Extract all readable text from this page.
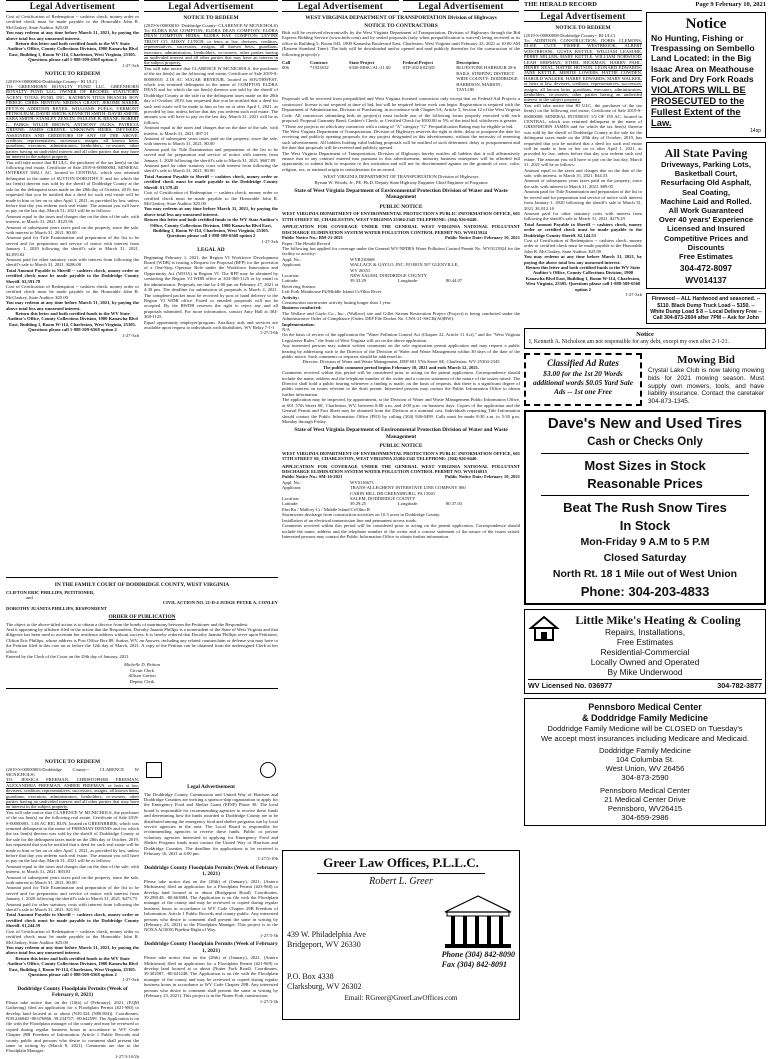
Legal Advertisement
Cost of Certification of Redemption -- cashiers check, money order or certified check must be made payable to the Honorable John R. McClaskey, State Auditor. $25.00
You may redeem at any time before March 31, 2021, by paying the above total less any unearned interest.
Return this letter and both certified funds to the WV State Auditor's Office, County Collections Division, 1900 Kanawha Blvd East, Building 1, Room W-114, Charleston, West Virginia, 25305. Questions please call 1-888-509-6568 option 2
1-27-3xb
NOTICE TO REDEEM
(2019-S-00000004-Doddridge County-- RI ULC)
TO: GREENHORN ROYALTY FUND LLC, GREENHORN ROYALTY FUND LLC, OWNER OF RECORD; STATUTORY AGENT; TOTAL FUND, INC.; KATHRYN TITUS BRANCH; ROY PIERCE; CHRIS HENTON; MEDINA GRANT; JEROME BAKER; PEYTON ADDITION REYES; WILLIAMS FUELS; VERMONT PETROLEUM; DAVID SMITH; KENNETH SMITH; DAVID SMITH; SARA SMITH; STANLEY ZENCIN; PAULINE B. BEANE; ROBERT L. PARKS; WILLIE BROWN; ANTHONY JACKS; PATRICIA GREENE; JAMES GREENE; UNKNOWN HEIRS, DEVISEES, ASSIGNEES AND CREDITORS OF ANY OF THE ABOVE, creditors, representatives, successors, assigns, all known heirs, guardians, executors, administrators, lienholders, co-owners, other parties having an undivided interest and all other parties that may have an interest in the subject property.
You will take notice that RI ULC, the purchaser of the tax lien(s) on the following real estate, Certificate of Sale 2019-S-00000004, MINERAL INTEREST 1682.1 AC, located in CENTRAL, which was returned delinquent in the name of SUTTON DOROTHY F. and for which the tax lien(s) thereon was sold by the sheriff of Doddridge County at the sale for the delinquent taxes made on the 28th day of October, 2019, has requested that you be notified that a deed for such real estate will be made to him or her on or after April 1, 2021, as provided by law, unless before that day you redeem such real estate. The amount you will have to pay on the last day, March 31, 2021 will be as follows:
Amount equal to the taxes and charges due on the date of the sale, with interest, to March 31, 2021. $125.96
Amount of subsequent years taxes paid on the property, since the sale, with interest to March 31, 2021. $0.00
Amount paid for Title Examination and preparation of the list to be served and for preparation and service of notice with interest from January 1, 2020 following the sheriff's sale to March 31, 2021. $2,059.82
Amount paid for other statutory costs with interest from following the sheriff's sale to March 31, 2021. $206.00
Total Amount Payable to Sheriff -- cashiers check, money order or certified check must be made payable to the Doddridge County Sheriff. $2,391.78
Cost of Certification of Redemption -- cashiers check, money order or certified check must be made payable to the Honorable John R. McClaskey, State Auditor. $25.00
You may redeem at any time before March 31, 2021, by paying the above total less any unearned interest.
Return this letter and both certified funds to the WV State Auditor's Office, County Collections Division, 1900 Kanawha Blvd East, Building 1, Room W-114, Charleston, West Virginia, 25305. Questions please call 1-888-509-6568 option 2
1-27-3xb
IN THE FAMILY COURT OF DODDRIDGE COUNTY, WEST VIRGINIA
CLIFTON ERIC PHILLIPS, PETITIONER,
and
CIVIL ACTION NO. 21-D-4 JUDGE PETER A. CONLEY
DOROTHY JUANITA PHILLIPS, RESPONDENT
ORDER OF PUBLICATION
The object to the above-titled action is to obtain a divorce from the bonds of matrimony between the Petitioner and the Respondent.
And it appearing by affidavit filed in the action that the Respondent, Dorothy Juanita Phillips is a nonresident of the State of West Virginia and that diligence has been used to ascertain her residence address without success. It is hereby ordered that Dorothy Juanita Phillips serve upon Petitioner, Clifton Eric Phillips, whose address is Post Office Box 88, Sutton, WV, an Answer, including any related counterclaim or defense you may have to the Petition filed in this case on or before the 12th day of March, 2021. A copy of the Petition can be obtained from the undersigned Clerk at her office.
Entered by the Clerk of the Court on the 29th day of January, 2021.
Michelle D. Britton
Circuit Clerk
Allison Garton
Deputy Clerk
NOTICE TO REDEEM
(2019-S-00000003-Doddridge County-- CLARENCE W MCNICHOLS)
TO: JESSICA FREEMAN, CHRISTOPHER FREEMAN, ALEXANDRIA FREEMAN, AMBER FREEMAN, or heirs at law, devisees, creditors, representatives, successors, assigns, all known heirs, guardians, executors, administrators, lienholders, co-owners, other parties having an undivided interest and all other parties that may have an interest in the subject property.
You will take notice that CLARENCE W MCNICHOLS, the purchaser of the tax lien(s) on the following real estate, Certificate of Sale 2019-S-00000003, 1.46 AC BIG RUN, located in GREENBRIER, which was returned delinquent in the name of FREEMAN DENNIS and for which the tax lien(s) thereon was sold by the sheriff of Doddridge County at the sale for the delinquent taxes made on the 28th day of October, 2019, has requested that you be notified that a deed for such real estate will be made to him or her on or after April 1, 2021, as provided by law, unless before that day you redeem such real estate. The amount you will have to pay on the last day, March 31, 2021 will be as follows:
Amount equal to the taxes and charges due on the date of the sale, with interest, to March 31, 2021. $83.81
Amount of subsequent years taxes paid on the property, since the sale, with interest to March 31, 2021. $0.00
Amount paid for Title Examination and preparation of the list to be served and for preparation and service of notice with interest from January 1, 2020 following the sheriff's sale to March 31, 2021. $473.75
Amount paid for other statutory costs with interest from following the sheriff's sale to March 31, 2021. $21.83
Total Amount Payable to Sheriff -- cashiers check, money order or certified check must be made payable to the Doddridge County Sheriff. $1,244.59
Cost of Certification of Redemption -- cashiers check, money order or certified check must be made payable to the Honorable John R. McClaskey, State Auditor. $25.00
You may redeem at any time before March 31, 2021, by paying the above total less any unearned interest.
Return this letter and both certified funds to the WV State Auditor's Office, County Collections Division, 1900 Kanawha Blvd East, Building 1, Room W-114, Charleston, West Virginia, 25305. Questions please call 1-888-509-6568 option 2
1-27-3xb
Doddridge County Floodplain Permits (Week of February 8, 2021)
Please take notice that on the (10th) of (February), 2021, (EQM Gathering) filed an application for a Floodplain Permit (#21-980) to develop land located at or about (N39.324 (N80.804)). Coordinates, N39.246840 -80.676866, 39.234757, -80.642599. The Application is on file with the Floodplain manager of the county and may be reviewed or copied during regular business hours in accordance to WV Code Chapter 29B Freedom of Information. Article 1 Public Records and county public and persons who desire to comment shall present the same in writing by (March 8, 2021). Comments are due to the Floodplain Manager.
1-27/3-10/2b
Legal Advertisement
NOTICE TO REDEEM
(2019-S-00000010- Doddridge County- CLARENCE W MCNICHOLS)
To: ELDRA RAE COMPTON; ELDRA DEAN COMPTON; ELDRA DEAN COMPTON HEIRS; ELDRA RAE COMPTON; LEVINE TRUST CO. MISSY LUNCH, or heirs at law, devisees, creditors, representatives, successors, assigns, all known heirs, guardians, executors, administrators, lienholders, co-owners, other parties having an undivided interest and all other parties that may have an interest in the subject property.
You will take notice that CLARENCE W MCNICHOLS, the purchaser of the tax lien(s) on the following real estate, Certificate of Sale 2019-S-00000010, 2.18 AC SUGAR BENIOUR, located in SOUTHWEST, which was returned delinquent in the name of COMPTON ELDRA DEAN and for which the tax lien(s) thereon was sold by the sheriff of Doddridge County at the sale for the delinquent taxes made on the 28th day of October, 2019, has requested that you be notified that a deed for such real estate will be made to him or her on or after April 1, 2021, as provided by law, unless before that day you redeem such real estate. The amount you will have to pay on the last day, March 31, 2021 will be as follows:
Amount equal to the taxes and charges due on the date of the sale, with interest, to March 31, 2021. $97.51
Amount of subsequent years taxes paid on the property, since the sale, with interest to March 31, 2021. $0.00
Amount paid for Title Examination and preparation of the list to be served and for preparation and service of notice with interest from January 1, 2020 following the sheriff's sale to March 31, 2021. $607.89
Amount paid for other statutory costs with interest from following the sheriff's sale to March 31, 2021. $0.00
Total Amount Payable to Sheriff -- cashiers check, money order or certified check must be made payable to the Doddridge County Sheriff. $1,378.45
Cost of Certification of Redemption -- cashiers check, money order or certified check must be made payable to the Honorable John R. McClaskey, State Auditor. $25.00
You may redeem at any time before March 31, 2021, by paying the above total less any unearned interest.
Return this letter and both certified funds to the WV State Auditor's Office, County Collections Division, 1900 Kanawha Blvd East, Building 1, Room W-114, Charleston, West Virginia, 25305. Questions please call 1-888-509-6568 option 2
1-27-3xb
LEGAL AD
Beginning February 1, 2021, the Region VI Workforce Development Board (WDB) is issuing a Request for Proposal (RFP) for the provision of a One-Stop Operator Role under the Workforce Innovation and Opportunity Act (WIOA) in Region VI. The RFP may be obtained by contacting the Region VI WDB office at 304-368-1125 or by email to the administrator. Proposals are due by 4:00 pm on February 27, 2021 at 4:30 pm. The deadline for submission of proposals is March 4, 2021. The completed packet must be received by post or hand delivery to the Region VI WDB office. Faxed or emailed proposals will not be accepted. By the RWDB reserves the right to reject any and all proposals submitted. For more information, contact Amy Hall at 304-368-1125.
Equal opportunity employer/program. Auxiliary aids and services are available upon request to individuals with disabilities. WV Relay 7-1-1
1-27/3-6b
Legal Advertisement
The Doddridge County Commission and United Way of Harrison and Doddridge Counties are inviting a sponsor-ship organization to apply for the Emergency Food and Shelter Grant (EFSP) Phase 38. The local board is responsible for recommending agencies to receive these funds and determining how the funds awarded to Doddridge County are to be distributed among the emergency food and shelter programs run by local service agencies in the area. The Local Board is responsible for recommending agencies to receive these funds. Public or private voluntary agencies interested in applying for Emergency Food and Shelter Program funds must contact the United Way of Harrison and Doddridge Counties. The deadline for applications to be received is February 16, 2021 at 4:00 pm.
1-27/3-10b
Doddridge County Floodplain Permits (Week of February 1, 2021)
Please take notice that on the (28th) of (January), 2021, (Antero Midstream) filed an application for a Floodplain Permit (#21-968) to develop land located at or about (Bridgeport Road). Coordinates, 39.298148, -80.663884. The Application is on file with the Floodplain manager of the county and may be reviewed or copied during regular business hours in accordance to WV Code Chapter 29B Freedom of Information. Article 1 Public Records and county public. Any interested persons who desire to comment shall present the same in writing by (February 23, 2021) to the Floodplain Manager. This project is in the NOXA A(1000) Pipeline Right of Way.
1-27/3-3b
Doddridge County Floodplain Permits (Week of February 1, 2021)
Please take notice that on the (28th) of (January), 2021, (Antero Midstream) filed an application for a Floodplain Permit (#21-969) to develop land located at or about (Nutter Fork Road). Coordinates, 39.302587, -80.641248. The Application is on file with the Floodplain manager of the county and may be reviewed or copied during regular business hours in accordance to WV Code Chapter 29B. Any interested persons who desire to comment shall present the same in writing by (February 23, 2021). This project is in the Nutter Fork construction.
1-27/3-3b
Legal Advertisement	Legal Advertisement
WEST VIRGINIA DEPARTMENT OF TRANSPORTATION Division of Highways
NOTICE TO CONTRACTORS
Bids will be received electronically by the West Virginia Department of Transportation, Division of Highways through the Bid Express Bidding Service (www.bidx.com) and by sealed proposals (only when prequalification is waived) being received at its office in Building 5, Room 843, 1900 Kanawha Boulevard East, Charleston, West Virginia until February 23, 2021 at 10:00 AM (Eastern Standard Time). The bids will be downloaded and/or opened and read publicly thereafter for the construction of the following project(s):
Call	Contract	State Project	Federal Project	Description
006	*1923S32	S330-MISC/AL-21.00	STP-2021(025)D	BLUESTONE HARBOUR 28-6 RAILS, STRIPING DISTRICT WIDE COUNTY: DODDRIDGE HARRISON, MARION, TAYLOR
Proposals will be received from prequalified and West Virginia licensed contractors only except that on Federal-Aid Projects a contractors' license is not required at time of bid, but will be required before work can begin. Registration is required with the Department of Administration, Division of Purchasing, in accordance with Chapter 5A, Article 3, Section 12 of the West Virginia Code. All contractors submitting bids on project(s) must include one of the following forms properly executed with each proposal: Proposal Guaranty Bond, Cashier's Check, or Certified Check for $500.00 or 5% of the total bid, whichever is greater.
* These are projects on which any contractor with a rating of "A" category "G" Prequalification Rating may be eligible to bid.
The West Virginia Department of Transportation, Division of Highways reserves the right to defer, delay or postpone the date for receiving and publicly opening proposals for any project designated in this advertisement, without the necessity of renewing such advertisement. All bidders holding valid bidding proposals will be notified of such deferment, delay or postponement and the date that proposals will be received and publicly opened.
The West Virginia Department of Transportation, Division of Highways hereby notifies all bidders that it will affirmatively ensure that in any contract entered into pursuant to this advertisement, minority business enterprises will be afforded full opportunity to submit bids in response to this invitation and will not be discriminated against on the grounds of race, color, religion, sex, or national origin in consideration for an award.
WEST VIRGINIA DEPARTMENT OF TRANSPORTATION Division of Highways
Byrum W. Woods, Jr., PE, Ph.D. Deputy State Highway Engineer Chief Engineer of Programs
State of West Virginia Department of Environmental Protection Division of Water and Waste Management
PUBLIC NOTICE
WEST VIRGINIA DEPARTMENT OF ENVIRONMENTAL PROTECTION'S PUBLIC INFORMATION OFFICE, 601 57TH STREET SE, CHARLESTON, WEST VIRGINIA 25304-2345 TELEPHONE: (304) 926-0440.
APPLICATION FOR COVERAGE UNDER THE GENERAL WEST VIRGINIA NATIONAL POLLUTANT DISCHARGE ELIMINATION SYSTEM WATER POLLUTION CONTROL PERMIT NO. WV0115924
Public Notice No.: BM-21-2021	Public Notice Date: February 10, 2021
Paper: The Herald Record
The following has applied for coverage under the General WV/NPDES Water Pollution Control Permit No. WV0115924 for the facility or activity:
Appl. No.:	WVR310668
Applicant:	WALLACE & GAYLO, INC. PO BOX 507 GLENVILLE, WV 26351
Location:	NEW SALEM, DODDRIDGE COUNTY
Latitude:	39.33.29	Longitude:	80.44.07
Receiving Stream:
Left Fork Meathouse Fk/Middle Island Cr/Ohio River
Activity:
Construction stormwater activity lasting longer than 1 year.
Business conducted:
The Wallace and Gaylo Co., Inc., (Wallace) site and Gillet Stream Restoration Project (Project) is being conducted under the Administrative Order of Compliance (Order, DEP File Docket No. CWA-21-SSCI6(A0)BW).
Implementation:
N/A
On the basis of review of the application the "Water Pollution Control Act (Chapter 22, Article 11 Act)," and the "West Virginia Legislative Rules," the State of West Virginia will act on the above application.
Any interested persons may submit written comments on the sole registration permit application and may request a public hearing by addressing such to the Director of the Division of Water and Waste Management within 30 days of the date of the public notice. Such comments or requests should be addressed to:
Director, Division of Water and Waste Management, DEP 601 57th Street SE, Charleston, WV 25304-2345
The public comment period begins February 10, 2021 and ends March 12, 2021.
Comments received within this period will be considered prior to acting on the permit application. Correspondence should include the name, address and the telephone number of the writer and a concise statement of the nature of the issues raised. The Director shall hold a public hearing whenever a finding is made, on the basis of requests, that there is a significant degree of public interest on issues relevant to the draft permit. Interested persons may contact the Public Information Office to obtain further information.
The application may be inspected, by appointment, at the Division of Water and Waste Management Public Information Office, at 601 57th Street SE, Charleston, WV, between 8:00 a.m. and 4:00 p.m. on business days. Copies of the application and the General Permit and Fact Sheet may be obtained from the Division at a nominal cost. Individuals requesting Title Information should contact the Public Information Office (PIO) by calling (304) 926-0499. Calls must be made 8:30 a.m. to 5:30 p.m. Monday through Friday.
State of West Virginia Department of Environmental Protection Division of Water and Waste Management
PUBLIC NOTICE
WEST VIRGINIA DEPARTMENT OF ENVIRONMENTAL PROTECTION'S PUBLIC INFORMATION OFFICE, 601 57TH STREET SE, CHARLESTON, WEST VIRGINIA 25304-2345 TELEPHONE: (304) 926-0440.
APPLICATION FOR COVERAGE UNDER THE GENERAL WEST VIRGINIA NATIONAL POLLUTANT DISCHARGE ELIMINATION SYSTEM WATER POLLUTION CONTROL PERMIT NO. WV0116815
Public Notice No.: SM-16-2021	Public Notice Date: February 10, 2021
Appl. No.:	WV0116673
Applicant:	TRANS-ALLEGHENY INTERSTATE LINE COMPANY 800 CABIN HILL DR GREENSBURG, PA 15601
Location:	SALEM, DODDRIDGE COUNTY
Latitude:	39.29.25	Longitude:	80.37.03
Elm Ru / Mallory Cr / Middle Island Cr/Ohio R
Stormwater discharge from construction activities on 10.3 acres in Doddridge County.
Installation of an electrical transmission line and permanent access roads.
Comments received within this period will be considered prior to acting on the permit application. Correspondence should include the name, address and the telephone number of the writer and a concise statement of the nature of the issues raised. Interested persons may contact the Public Information Office to obtain further information.
Greer Law Offices, P.L.L.C.
Robert L. Greer
439 W. Philadelphia Ave
Bridgeport, WV 26330
Phone (304) 842-8090
Fax (304) 842-8091
P.O. Box 4338
Clarksburg, WV 26302
Email: RGreer@GreerLawOffices.com
THE HERALD RECORD	Page 9 February 10, 2021
Legal Advertisement
NOTICE TO REDEEM
(2019-S-00000008-Doddridge County-- RI ULC)
To: ADDITION CONSTRUCTION, DORIS CLEMONS, ELSIE CUTE FISHER WESTBROOK, ALBERT WESTBROOK, GUSTA KETTLE, WILLIAM LEASURE, PERRY MILLER, MARY KETTLE, WILLIAM NORWOOD, LEAH SHIPMAN, ETHEL HICKMAN, HARRY PAHL, HENRY NEAL, HATTIE HUTSON, LEONARD EDWARDS, JANE KETTLE, MERTIE LOWERS, HATTIE COWDEN, HAROLD WALKER, HARRY EDWARDS, MARY WALKER, or heirs at law, devisees, creditors, representatives, successors, assigns, all known heirs, guardians, executors, administrators, lienholders, co-owners, other parties having an undivided interest in the subject property.
You will take notice that RI ULC, the purchaser of the tax lien(s) on the following real estate, Certificate of Sale 2019-S-00000008, MINERAL INTEREST 1/2 OF 150 AC, located in CENTRAL, which was returned delinquent in the name of GREENHORN JAMES and for which the tax lien(s) thereon was sold by the sheriff of Doddridge County at the sale for the delinquent taxes made on the 28th day of October, 2019, has requested that you be notified that a deed for such real estate will be made to him or her on or after April 1, 2021, as provided by law, unless before that day you redeem such real estate. The amount you will have to pay on the last day, March 31, 2021 will be as follows:
Amount equal to the taxes and charges due on the date of the sale, with interest, to March 31, 2021. $44.33
Amount of subsequent years taxes paid on the property, since the sale, with interest to March 31, 2021. $89.05
Amount paid for Title Examination and preparation of the list to be served and for preparation and service of notice with interest from January 1, 2020 following the sheriff's sale to March 31, 2021. $1,812.16
Amount paid for other statutory costs with interest from following the sheriff's sale to March 31, 2021. $279.29
Total Amount Payable to Sheriff -- cashiers check, money order or certified check must be made payable to the Doddridge County Sheriff. $2,144.53
Cost of Certification of Redemption -- cashiers check, money order or certified check must be made payable to the Honorable John R. McClaskey, State Auditor. $25.00
You may redeem at any time before March 31, 2021, by paying the above total less any unearned interest.
Return this letter and both certified funds to the WV State Auditor's Office, County Collections Division, 1900 Kanawha Blvd East, Building 1, Room W-114, Charleston, West Virginia, 25305. Questions please call 1-888-509-6568 option 2
1-27-3xb
Notice

No Hunting, Fishing or

Trespassing on Sembello

Land Located: in the Big

Isaac Area on Meathouse

Fork and Dry Fork Roads

VIOLATORS WILL BE PROSECUTED to the Fullest Extent of the Law.

14sp
All State Paving

Driveways, Parking Lots,

Basketball Court,

Resurfacing Old Asphalt,

Seal Coating,

Machine Laid and Rolled.

All Work Guaranteed

Over 40 years' Experience

Licensed and Insured

Competitive Prices and

Discounts

Free Estimates

304-472-8097
WV014137
Firewood -- ALL Hardwood and seasoned. -- $110. Black Dump Truck Load -- $150. -- White Dump Load $ 8 -- Local Delivery Free -- Call 304-873-2604 after 7PM -- Ask for John
Notice
I, Kenneth A. Nicholson am not responsible for any debt, except my own after 2-1-21.
Classified Ad Rates

$3.00 for the 1st 20 Words additional words $0.05 Yard Sale Ads -- 1st one Free

Mowing Bid

Crystal Lake Club is now taking mowing bids for 2021 mowing season. Must supply own mowers, tools, and have liability insurance. Contact the caretaker 304-873-1345.

Dave's New and Used Tires
Cash or Checks Only
Most Sizes in Stock
Reasonable Prices
Beat The Rush Snow Tires
In Stock
Mon-Friday 9 A.M to 5 P.M
Closed Saturday
North Rt. 18 1 Mile out of West Union
Phone: 304-203-4833
Little Mike's Heating & Cooling

Repairs, Installations,

Free Estimates

Residential-Commercial

Locally Owned and Operated

By Mike Underwood

WV Licensed No. 036977	304-782-3877
Pennsboro Medical Center
& Doddridge Family Medicine

Doddridge Family Medicine will be CLOSED on Tuesday's

We accept most insurances including Medicare and Medicaid.

Doddridge Family Medicine

104 Columbia St.

West Union, WV 26456

304-873-2590

Pennsboro Medical Center

21 Medical Center Drive

Pennsboro, WV26415

304-659-2986
